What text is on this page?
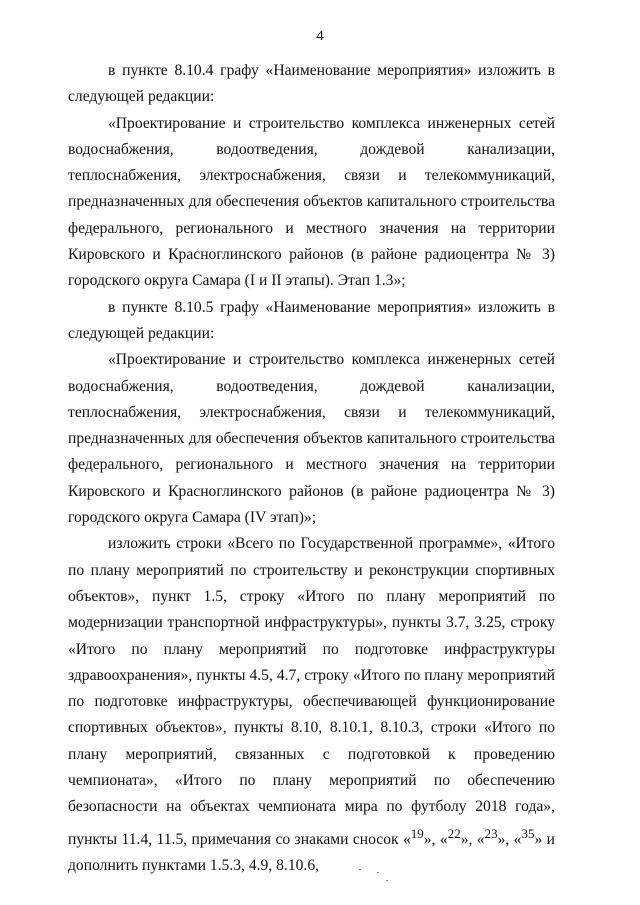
4

в пункте 8.10.4 графу «Наименование мероприятия» изложить в следующей редакции:

«Проектирование и строительство комплекса инженерных сетей водоснабжения, водоотведения, дождевой канализации, теплоснабжения, электроснабжения, связи и телекоммуникаций, предназначенных для обеспечения объектов капитального строительства федерального, регионального и местного значения на территории Кировского и Красноглинского районов (в районе радиоцентра № 3) городского округа Самара (I и II этапы). Этап 1.3»;

в пункте 8.10.5 графу «Наименование мероприятия» изложить в следующей редакции:

«Проектирование и строительство комплекса инженерных сетей водоснабжения, водоотведения, дождевой канализации, теплоснабжения, электроснабжения, связи и телекоммуникаций, предназначенных для обеспечения объектов капитального строительства федерального, регионального и местного значения на территории Кировского и Красноглинского районов (в районе радиоцентра № 3) городского округа Самара (IV этап)»;

изложить строки «Всего по Государственной программе», «Итого по плану мероприятий по строительству и реконструкции спортивных объектов», пункт 1.5, строку «Итого по плану мероприятий по модернизации транспортной инфраструктуры», пункты 3.7, 3.25, строку «Итого по плану мероприятий по подготовке инфраструктуры здравоохранения», пункты 4.5, 4.7, строку «Итого по плану мероприятий по подготовке инфраструктуры, обеспечивающей функционирование спортивных объектов», пункты 8.10, 8.10.1, 8.10.3, строки «Итого по плану мероприятий, связанных с подготовкой к проведению чемпионата», «Итого по плану мероприятий по обеспечению безопасности на объектах чемпионата мира по футболу 2018 года», пункты 11.4, 11.5, примечания со знаками сносок «$^{19}$», «$^{22}$», «$^{23}$», «$^{35}$» и дополнить пунктами 1.5.3, 4.9, 8.10.6,
